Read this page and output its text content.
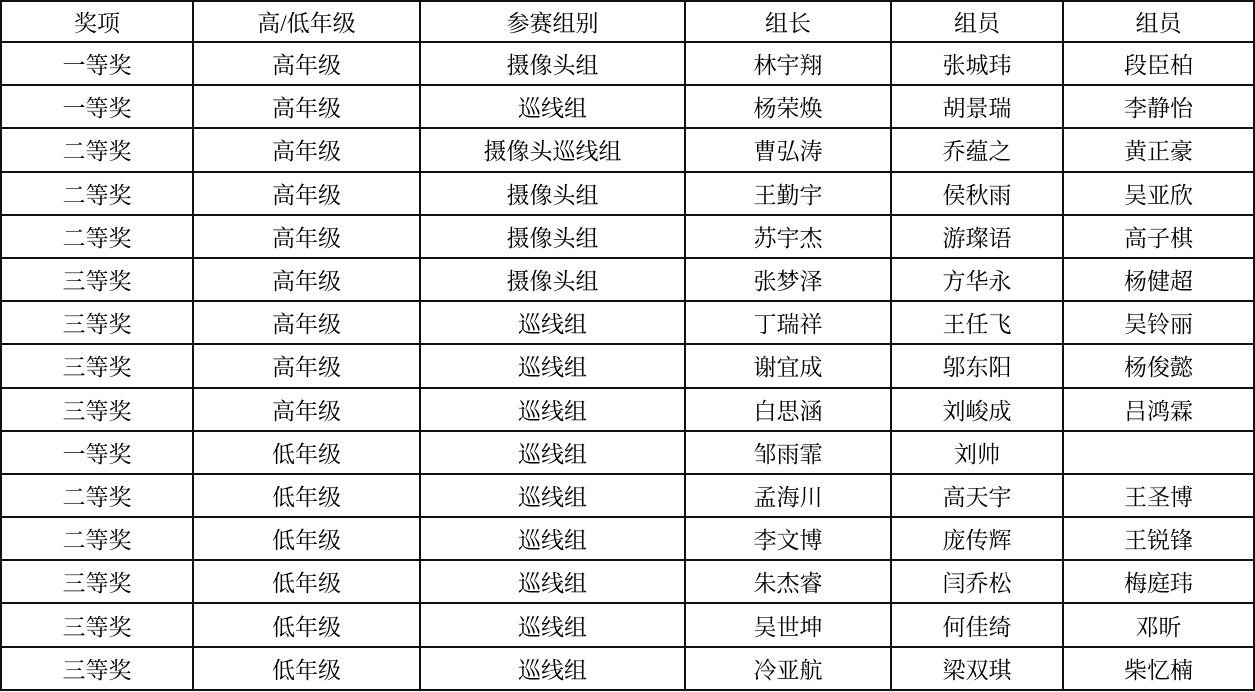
奖项	高/低年级	参赛组别	组长	组员	组员
一等奖	高年级	摄像头组	林宇翔	张城玮	段臣柏
一等奖	高年级	巡线组	杨荣焕	胡景瑞	李静怡
二等奖	高年级	摄像头巡线组	曹弘涛	乔蕴之	黄正豪
二等奖	高年级	摄像头组	王勤宇	侯秋雨	吴亚欣
二等奖	高年级	摄像头组	苏宇杰	游璨语	高子棋
三等奖	高年级	摄像头组	张梦泽	方华永	杨健超
三等奖	高年级	巡线组	丁瑞祥	王任飞	吴铃丽
三等奖	高年级	巡线组	谢宜成	邬东阳	杨俊懿
三等奖	高年级	巡线组	白思涵	刘峻成	吕鸿霖
一等奖	低年级	巡线组	邹雨霏	刘帅	
二等奖	低年级	巡线组	孟海川	高天宇	王圣博
二等奖	低年级	巡线组	李文博	庞传辉	王锐锋
三等奖	低年级	巡线组	朱杰睿	闫乔松	梅庭玮
三等奖	低年级	巡线组	吴世坤	何佳绮	邓昕
三等奖	低年级	巡线组	冷亚航	梁双琪	柴忆楠
